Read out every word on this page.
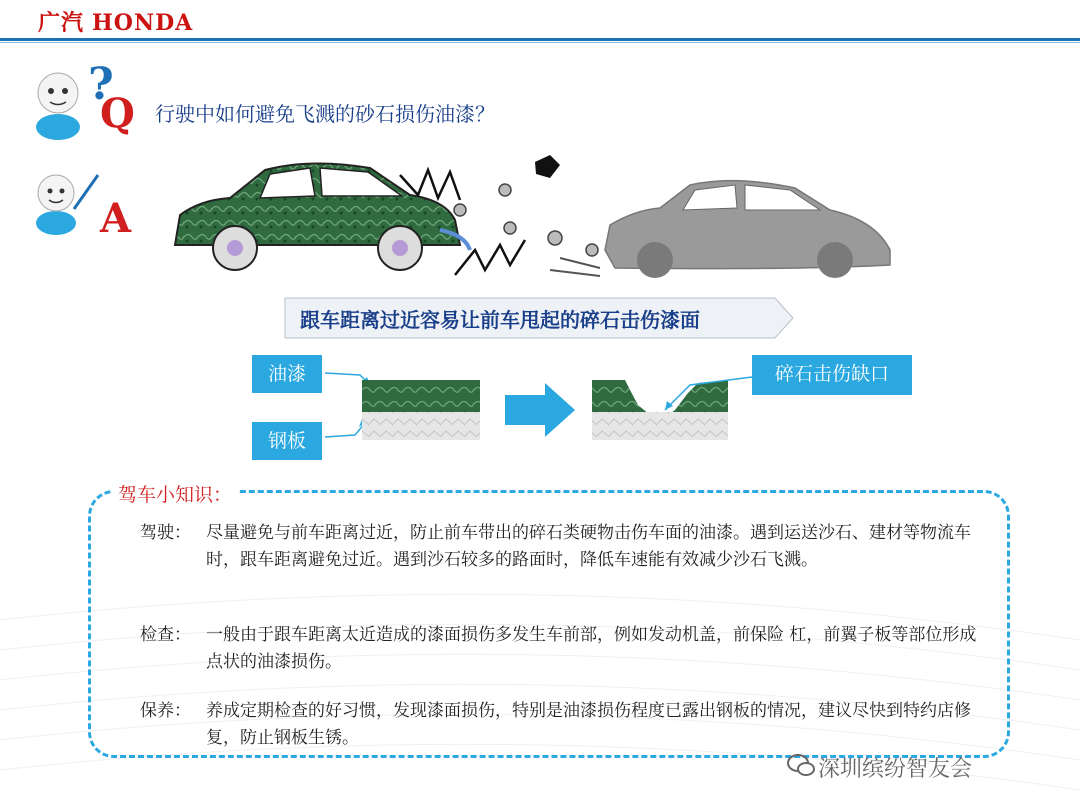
广汽 HONDA
?
Q 行驶中如何避免飞溅的砂石损伤油漆？
A
跟车距离过近容易让前车甩起的碎石击伤漆面
油漆
钢板
碎石击伤缺口
驾车小知识：
驾驶： 尽量避免与前车距离过近，防止前车带出的碎石类硬物击伤车面的油漆。遇到运送沙石、建材等物流车时，跟车距离避免过近。遇到沙石较多的路面时，降低车速能有效减少沙石飞溅。
检查： 一般由于跟车距离太近造成的漆面损伤多发生车前部，例如发动机盖，前保险 杠，前翼子板等部位形成点状的油漆损伤。
保养： 养成定期检查的好习惯，发现漆面损伤，特别是油漆损伤程度已露出钢板的情况，建议尽快到特约店修复，防止钢板生锈。
深圳缤纷智友会
